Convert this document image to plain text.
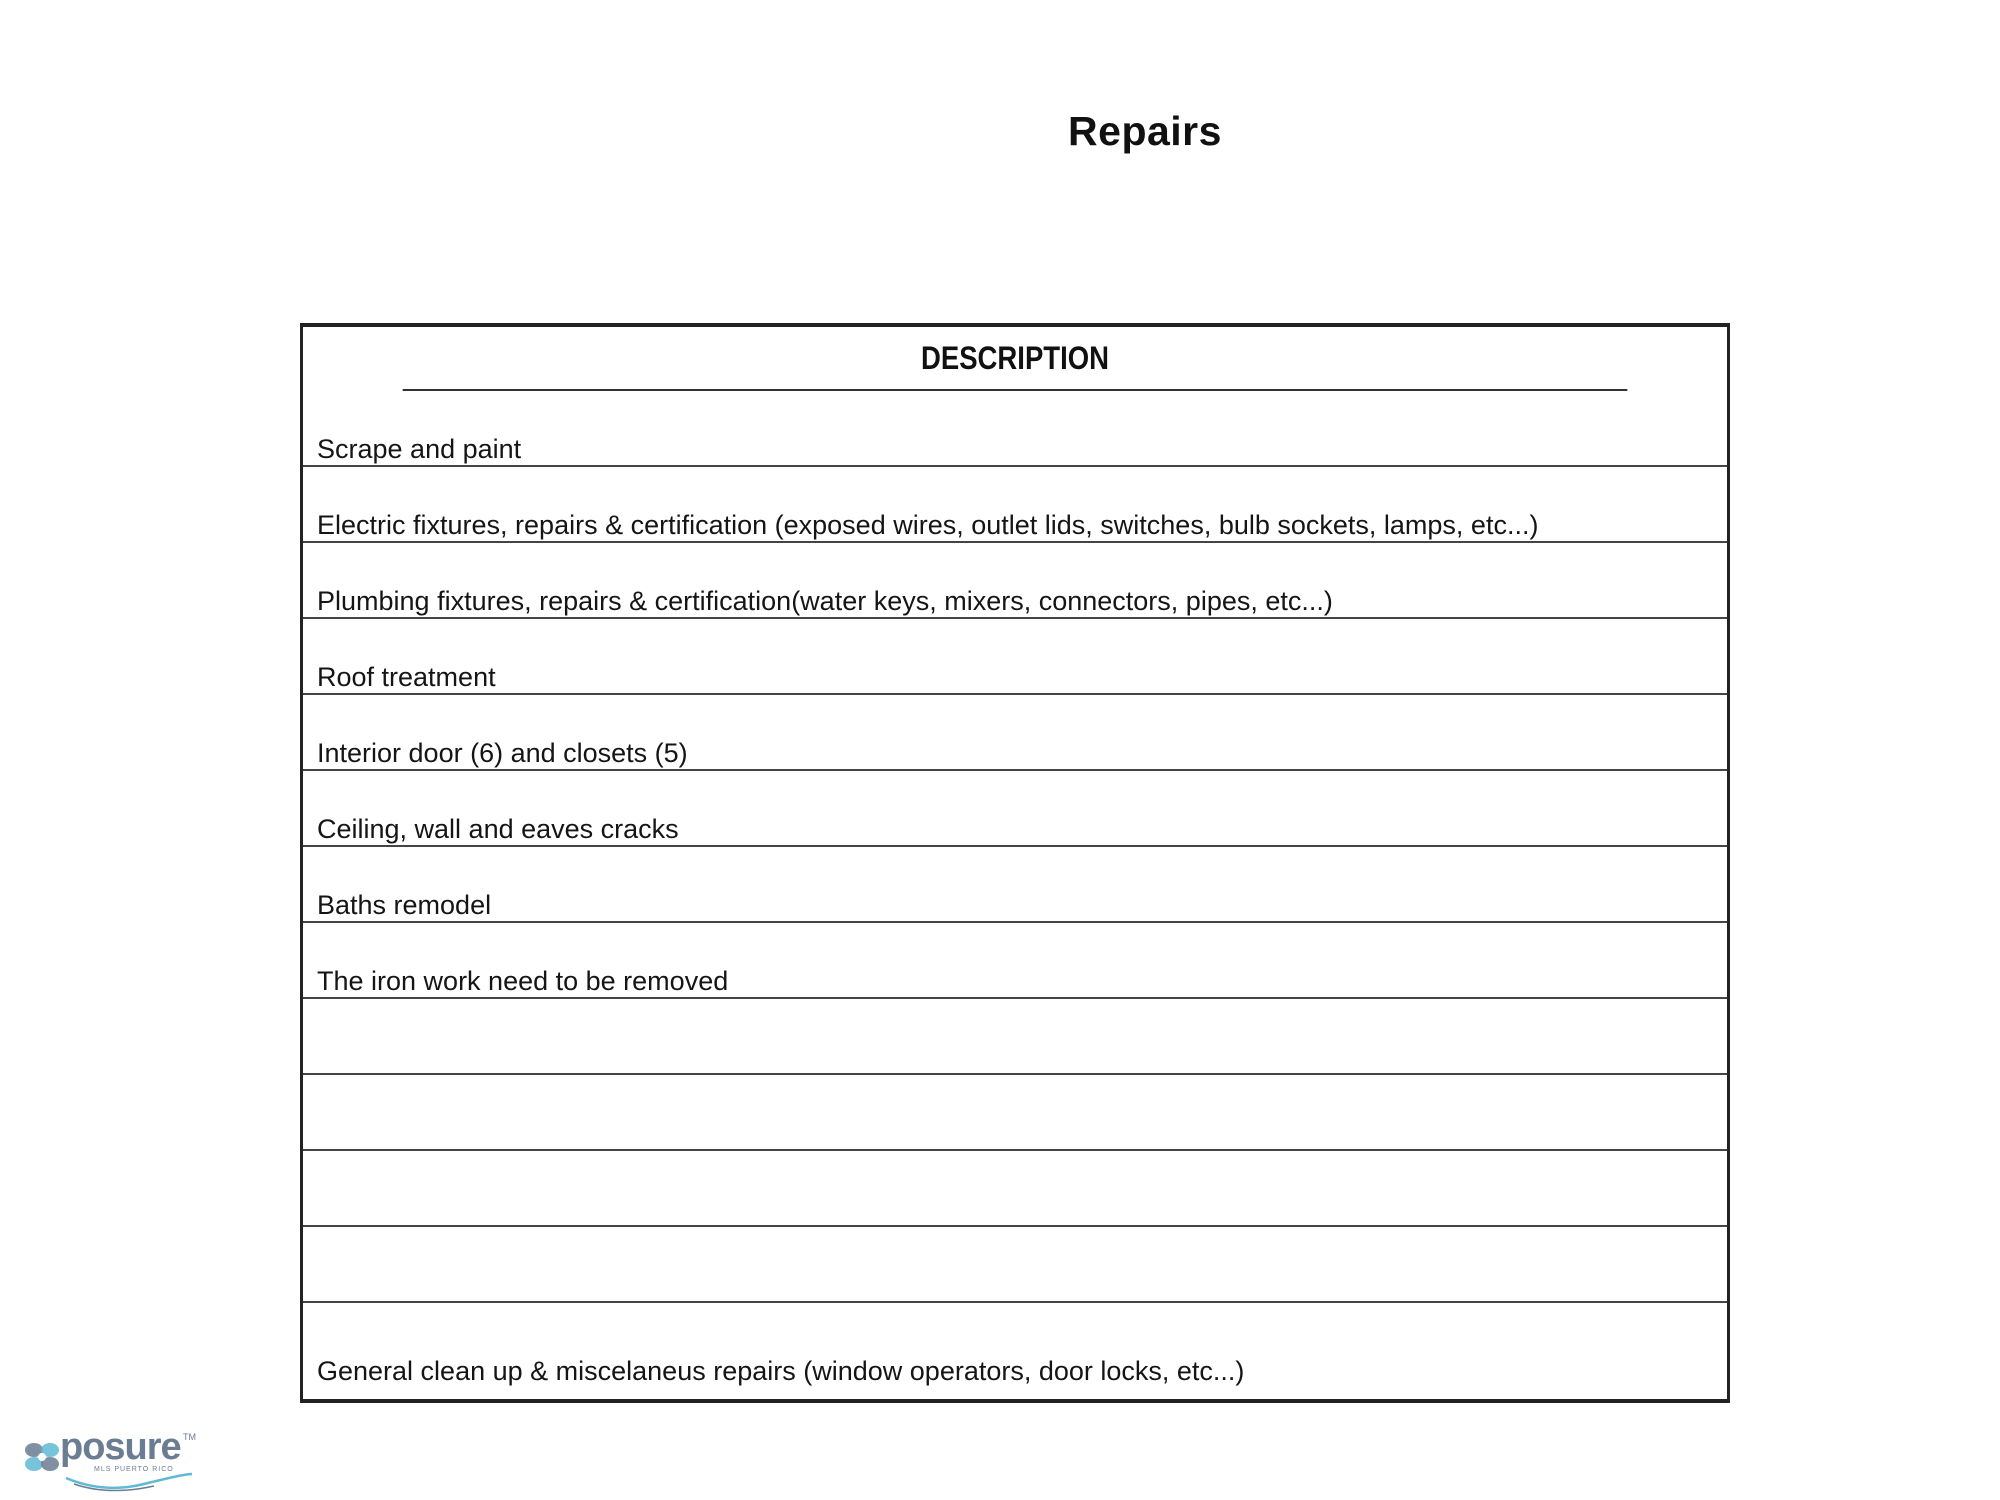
Repairs
DESCRIPTION
Scrape and paint
Electric fixtures, repairs & certification (exposed wires, outlet lids, switches, bulb sockets, lamps, etc...)
Plumbing fixtures, repairs & certification(water keys, mixers, connectors, pipes, etc...)
Roof treatment
Interior door (6) and closets (5)
Ceiling, wall and eaves cracks
Baths remodel
The iron work need to be removed
General clean up & miscelaneus repairs (window operators, door locks, etc...)
posure TM
MLS PUERTO RICO
